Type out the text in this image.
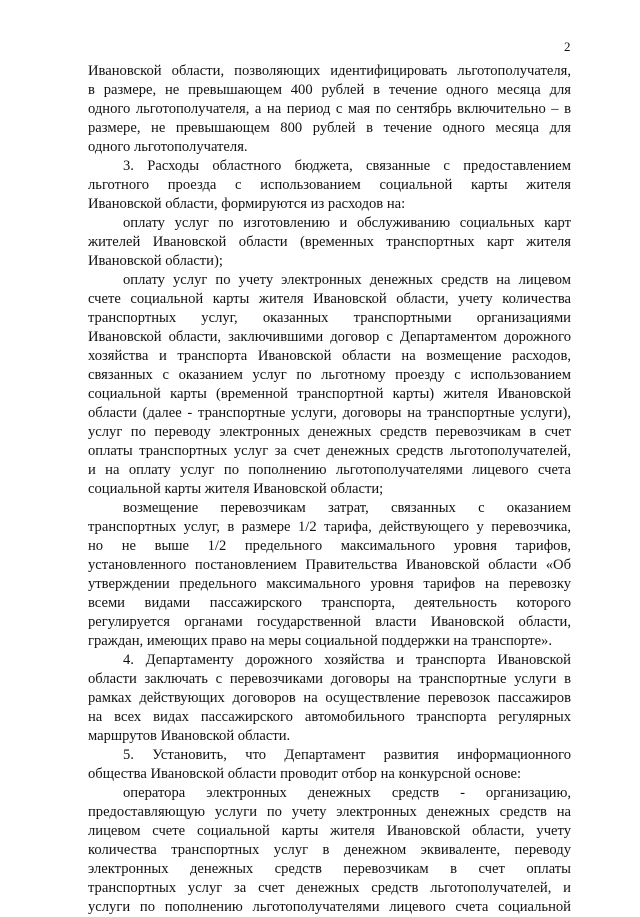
2
Ивановской области, позволяющих идентифицировать льготополучателя,
в размере, не превышающем 400 рублей в течение одного месяца для
одного льготополучателя, а на период с мая по сентябрь включительно – в
размере, не превышающем 800 рублей в течение одного месяца для
одного льготополучателя.
3. Расходы областного бюджета, связанные с предоставлением
льготного проезда с использованием социальной карты жителя
Ивановской области, формируются из расходов на:
оплату услуг по изготовлению и обслуживанию социальных карт
жителей Ивановской области (временных транспортных карт жителя
Ивановской области);
оплату услуг по учету электронных денежных средств на лицевом
счете социальной карты жителя Ивановской области, учету количества
транспортных услуг, оказанных транспортными организациями
Ивановской области, заключившими договор с Департаментом дорожного
хозяйства и транспорта Ивановской области на возмещение расходов,
связанных с оказанием услуг по льготному проезду с использованием
социальной карты (временной транспортной карты) жителя Ивановской
области (далее - транспортные услуги, договоры на транспортные услуги),
услуг по переводу электронных денежных средств перевозчикам в счет
оплаты транспортных услуг за счет денежных средств льготополучателей,
и на оплату услуг по пополнению льготополучателями лицевого счета
социальной карты жителя Ивановской области;
возмещение перевозчикам затрат, связанных с оказанием
транспортных услуг, в размере 1/2 тарифа, действующего у перевозчика,
но не выше 1/2 предельного максимального уровня тарифов,
установленного постановлением Правительства Ивановской области «Об
утверждении предельного максимального уровня тарифов на перевозку
всеми видами пассажирского транспорта, деятельность которого
регулируется органами государственной власти Ивановской области,
граждан, имеющих право на меры социальной поддержки на транспорте».
4. Департаменту дорожного хозяйства и транспорта Ивановской
области заключать с перевозчиками договоры на транспортные услуги в
рамках действующих договоров на осуществление перевозок пассажиров
на всех видах пассажирского автомобильного транспорта регулярных
маршрутов Ивановской области.
5. Установить, что Департамент развития информационного
общества Ивановской области проводит отбор на конкурсной основе:
оператора электронных денежных средств - организацию,
предоставляющую услуги по учету электронных денежных средств на
лицевом счете социальной карты жителя Ивановской области, учету
количества транспортных услуг в денежном эквиваленте, переводу
электронных денежных средств перевозчикам в счет оплаты
транспортных услуг за счет денежных средств льготополучателей, и
услуги по пополнению льготополучателями лицевого счета социальной
